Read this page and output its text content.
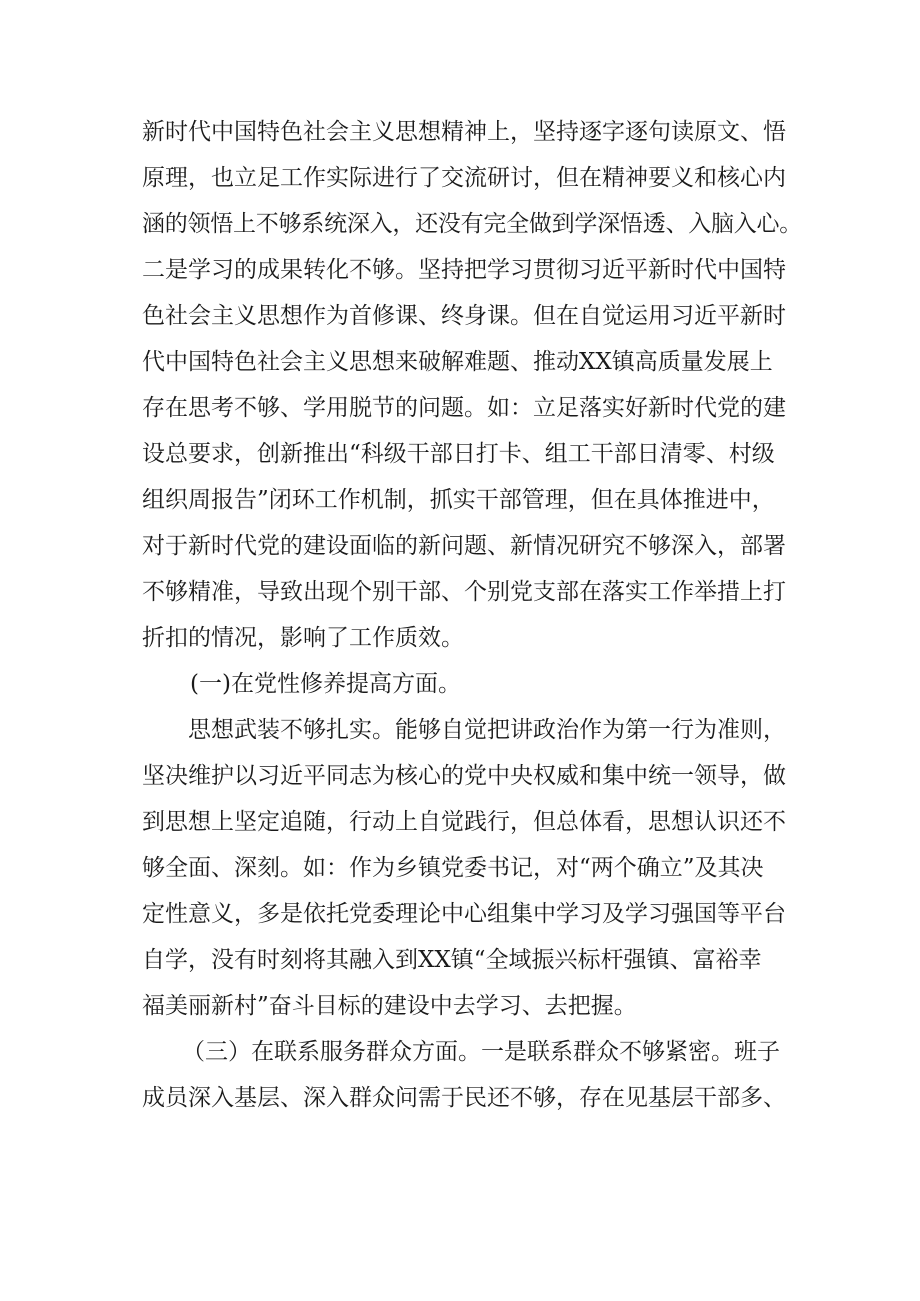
新时代中国特色社会主义思想精神上，坚持逐字逐句读原文、悟
原理，也立足工作实际进行了交流研讨，但在精神要义和核心内
涵的领悟上不够系统深入，还没有完全做到学深悟透、入脑入心。
二是学习的成果转化不够。坚持把学习贯彻习近平新时代中国特
色社会主义思想作为首修课、终身课。但在自觉运用习近平新时
代中国特色社会主义思想来破解难题、推动XX镇高质量发展上
存在思考不够、学用脱节的问题。如：立足落实好新时代党的建
设总要求，创新推出“科级干部日打卡、组工干部日清零、村级
组织周报告”闭环工作机制，抓实干部管理，但在具体推进中，
对于新时代党的建设面临的新问题、新情况研究不够深入，部署
不够精准，导致出现个别干部、个别党支部在落实工作举措上打
折扣的情况，影响了工作质效。
(一)在党性修养提高方面。
思想武装不够扎实。能够自觉把讲政治作为第一行为准则，
坚决维护以习近平同志为核心的党中央权威和集中统一领导，做
到思想上坚定追随，行动上自觉践行，但总体看，思想认识还不
够全面、深刻。如：作为乡镇党委书记，对“两个确立”及其决
定性意义，多是依托党委理论中心组集中学习及学习强国等平台
自学，没有时刻将其融入到XX镇“全域振兴标杆强镇、富裕幸
福美丽新村”奋斗目标的建设中去学习、去把握。
（三）在联系服务群众方面。一是联系群众不够紧密。班子
成员深入基层、深入群众问需于民还不够，存在见基层干部多、
